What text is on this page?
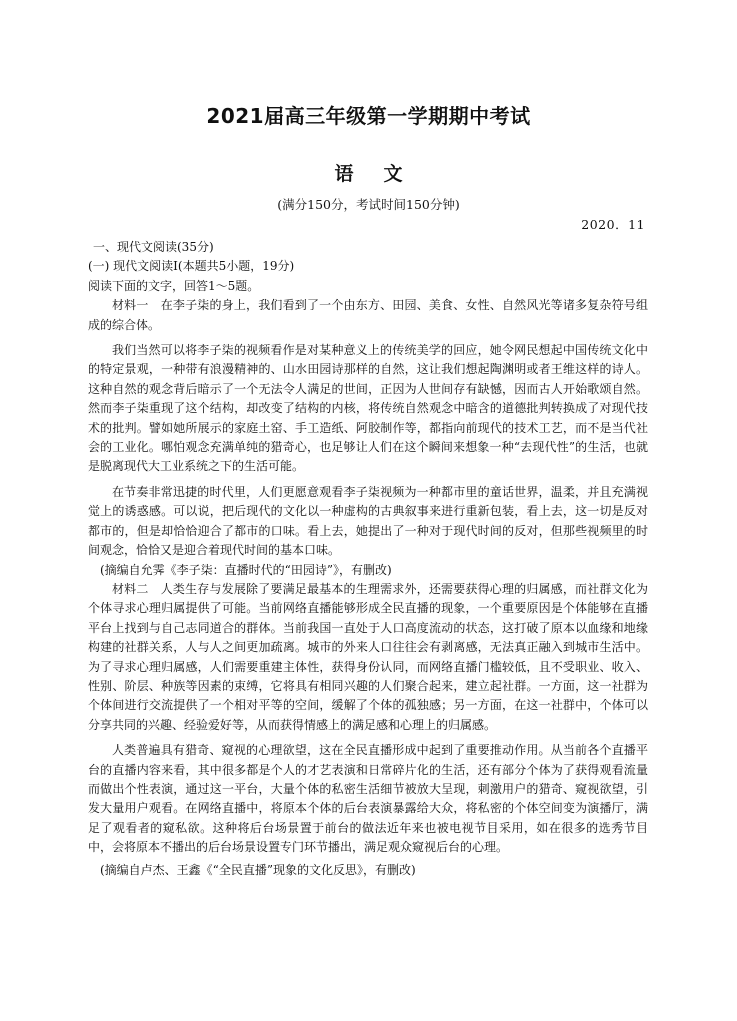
2021届高三年级第一学期期中考试
语文
(满分150分，考试时间150分钟)
2020．11

一、现代文阅读(35分)

(一) 现代文阅读Ⅰ(本题共5小题，19分)

阅读下面的文字，回答1～5题。

材料一　在李子柒的身上，我们看到了一个由东方、田园、美食、女性、自然风光等诸多复杂符号组成的综合体。

我们当然可以将李子柒的视频看作是对某种意义上的传统美学的回应，她令网民想起中国传统文化中的特定景观，一种带有浪漫精神的、山水田园诗那样的自然，这让我们想起陶渊明或者王维这样的诗人。这种自然的观念背后暗示了一个无法令人满足的世间，正因为人世间存有缺憾，因而古人开始歌颂自然。然而李子柒重现了这个结构，却改变了结构的内核，将传统自然观念中暗含的道德批判转换成了对现代技术的批判。譬如她所展示的家庭土窑、手工造纸、阿胶制作等，都指向前现代的技术工艺，而不是当代社会的工业化。哪怕观念充满单纯的猎奇心，也足够让人们在这个瞬间来想象一种“去现代性”的生活，也就是脱离现代大工业系统之下的生活可能。

在节奏非常迅捷的时代里，人们更愿意观看李子柒视频为一种都市里的童话世界，温柔，并且充满视觉上的诱惑感。可以说，把后现代的文化以一种虚构的古典叙事来进行重新包装，看上去，这一切是反对都市的，但是却恰恰迎合了都市的口味。看上去，她提出了一种对于现代时间的反对，但那些视频里的时间观念，恰恰又是迎合着现代时间的基本口味。

(摘编自允霁《李子柒：直播时代的“田园诗”》，有删改)

材料二　人类生存与发展除了要满足最基本的生理需求外，还需要获得心理的归属感，而社群文化为个体寻求心理归属提供了可能。当前网络直播能够形成全民直播的现象，一个重要原因是个体能够在直播平台上找到与自己志同道合的群体。当前我国一直处于人口高度流动的状态，这打破了原本以血缘和地缘构建的社群关系，人与人之间更加疏离。城市的外来人口往往会有剥离感，无法真正融入到城市生活中。为了寻求心理归属感，人们需要重建主体性，获得身份认同，而网络直播门槛较低，且不受职业、收入、性别、阶层、种族等因素的束缚，它将具有相同兴趣的人们聚合起来，建立起社群。一方面，这一社群为个体间进行交流提供了一个相对平等的空间，缓解了个体的孤独感；另一方面，在这一社群中，个体可以分享共同的兴趣、经验爱好等，从而获得情感上的满足感和心理上的归属感。

人类普遍具有猎奇、窥视的心理欲望，这在全民直播形成中起到了重要推动作用。从当前各个直播平台的直播内容来看，其中很多都是个人的才艺表演和日常碎片化的生活，还有部分个体为了获得观看流量而做出个性表演，通过这一平台，大量个体的私密生活细节被放大呈现，刺激用户的猎奇、窥视欲望，引发大量用户观看。在网络直播中，将原本个体的后台表演暴露给大众，将私密的个体空间变为演播厅，满足了观看者的窥私欲。这种将后台场景置于前台的做法近年来也被电视节目采用，如在很多的选秀节目中，会将原本不播出的后台场景设置专门环节播出，满足观众窥视后台的心理。

(摘编自卢杰、王鑫《“全民直播”现象的文化反思》，有删改)
